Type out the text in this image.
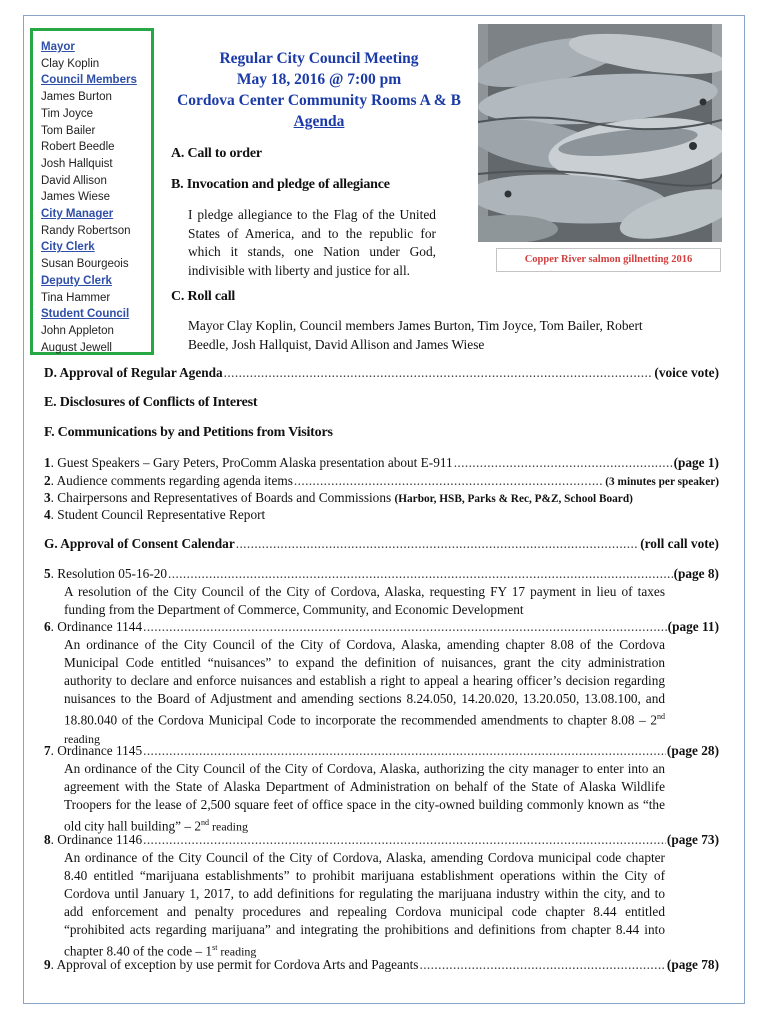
Mayor
Clay Koplin
Council Members
James Burton
Tim Joyce
Tom Bailer
Robert Beedle
Josh Hallquist
David Allison
James Wiese
City Manager
Randy Robertson
City Clerk
Susan Bourgeois
Deputy Clerk
Tina Hammer
Student Council
John Appleton
August Jewell
Regular City Council Meeting
May 18, 2016 @ 7:00 pm
Cordova Center Community Rooms A & B
Agenda
Copper River salmon gillnetting 2016
A. Call to order
B. Invocation and pledge of allegiance
I pledge allegiance to the Flag of the United States of America, and to the republic for which it stands, one Nation under God, indivisible with liberty and justice for all.
C. Roll call
Mayor Clay Koplin, Council members James Burton, Tim Joyce, Tom Bailer, Robert Beedle, Josh Hallquist, David Allison and James Wiese
D. Approval of Regular Agenda .....	(voice vote)
E. Disclosures of Conflicts of Interest
F. Communications by and Petitions from Visitors
1. Guest Speakers – Gary Peters, ProComm Alaska presentation about E-911 .....	(page 1)
2. Audience comments regarding agenda items .....	(3 minutes per speaker)
3. Chairpersons and Representatives of Boards and Commissions (Harbor, HSB, Parks & Rec, P&Z, School Board)
4. Student Council Representative Report
G. Approval of Consent Calendar .....	(roll call vote)
5. Resolution 05-16-20 .....	(page 8)
A resolution of the City Council of the City of Cordova, Alaska, requesting FY 17 payment in lieu of taxes funding from the Department of Commerce, Community, and Economic Development
6. Ordinance 1144 .....	(page 11)
An ordinance of the City Council of the City of Cordova, Alaska, amending chapter 8.08 of the Cordova Municipal Code entitled “nuisances” to expand the definition of nuisances, grant the city administration authority to declare and enforce nuisances and establish a right to appeal a hearing officer’s decision regarding nuisances to the Board of Adjustment and amending sections 8.24.050, 14.20.020, 13.20.050, 13.08.100, and 18.80.040 of the Cordova Municipal Code to incorporate the recommended amendments to chapter 8.08 – 2nd reading
7. Ordinance 1145 .....	(page 28)
An ordinance of the City Council of the City of Cordova, Alaska, authorizing the city manager to enter into an agreement with the State of Alaska Department of Administration on behalf of the State of Alaska Wildlife Troopers for the lease of 2,500 square feet of office space in the city-owned building commonly known as “the old city hall building” – 2nd reading
8. Ordinance 1146 .....	(page 73)
An ordinance of the City Council of the City of Cordova, Alaska, amending Cordova municipal code chapter 8.40 entitled “marijuana establishments” to prohibit marijuana establishment operations within the City of Cordova until January 1, 2017, to add definitions for regulating the marijuana industry within the city, and to add enforcement and penalty procedures and repealing Cordova municipal code chapter 8.44 entitled “prohibited acts regarding marijuana” and integrating the prohibitions and definitions from chapter 8.44 into chapter 8.40 of the code – 1st reading
9. Approval of exception by use permit for Cordova Arts and Pageants .....	(page 78)
